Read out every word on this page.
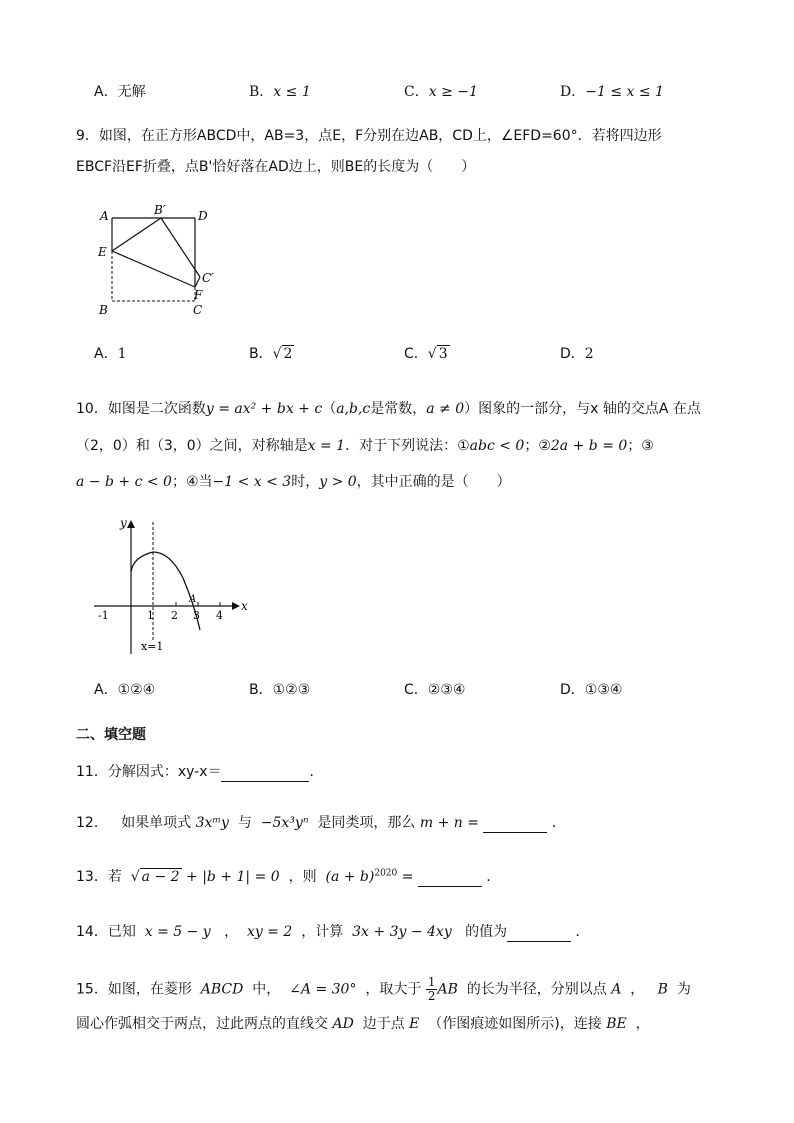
A．无解	B．x ≤ 1	C．x ≥ −1	D．−1 ≤ x ≤ 1
9．如图，在正方形ABCD中，AB=3，点E，F分别在边AB，CD上，∠EFD=60°．若将四边形
EBCF沿EF折叠，点B'恰好落在AD边上，则BE的长度为（　　）
A	B′	D
E
C′
F
B	C
A．1	B．√ 2	C．√ 3	D．2
10．如图是二次函数y = ax² + bx + c（a,b,c是常数，a ≠ 0）图象的一部分，与x 轴的交点A 在点
（2，0）和（3，0）之间，对称轴是x = 1．对于下列说法：①abc < 0；②2a + b = 0；③
a − b + c < 0；④当−1 < x < 3时，y > 0，其中正确的是（　　）
x
y
-1	1 2 3 4
A
x=1
A．①②④	B．①②③	C．②③④	D．①③④
二、填空题
11．分解因式：xy-x＝	．
12． 如果单项式 3xᵐy 与 −5x³yⁿ 是同类项，那么 m + n =	．
13．若 √ a − 2 + |b + 1| = 0 ，则 $(a + b)^{2020}$ =	．
14．已知 x = 5 − y ， xy = 2 ，计算 3x + 3y − 4xy 的值为	．
15．如图，在菱形 ABCD 中， ∠A = 30° ，取大于 $\frac{1}{2}$ AB 的长为半径，分别以点 A ， B 为
圆心作弧相交于两点，过此两点的直线交 AD 边于点 E （作图痕迹如图所示)，连接 BE ，
